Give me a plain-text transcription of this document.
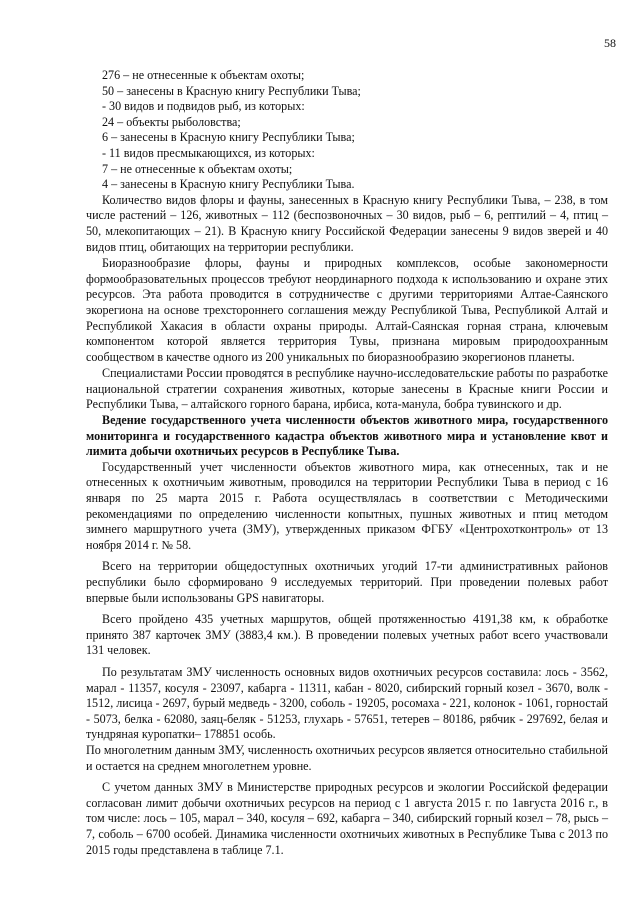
58

276 – не отнесенные к объектам охоты;

50 – занесены в Красную книгу Республики Тыва;

- 30 видов и подвидов рыб, из которых:

24 – объекты рыболовства;

6 – занесены в Красную книгу Республики Тыва;

- 11 видов пресмыкающихся, из которых:

7 – не отнесенные к объектам охоты;

4 – занесены в Красную книгу Республики Тыва.

Количество видов флоры и фауны, занесенных в Красную книгу Республики Тыва, – 238, в том числе растений – 126, животных – 112 (беспозвоночных – 30 видов, рыб – 6, рептилий – 4, птиц – 50, млекопитающих – 21). В Красную книгу Российской Федерации занесены 9 видов зверей и 40 видов птиц, обитающих на территории республики.

Биоразнообразие флоры, фауны и природных комплексов, особые закономерности формообразовательных процессов требуют неординарного подхода к использованию и охране этих ресурсов. Эта работа проводится в сотрудничестве с другими территориями Алтае-Саянского экорегиона на основе трехстороннего соглашения между Республикой Тыва, Республикой Алтай и Республикой Хакасия в области охраны природы. Алтай-Саянская горная страна, ключевым компонентом которой является территория Тувы, признана мировым природоохранным сообществом в качестве одного из 200 уникальных по биоразнообразию экорегионов планеты.

Специалистами России проводятся в республике научно-исследовательские работы по разработке национальной стратегии сохранения животных, которые занесены в Красные книги России и Республики Тыва, – алтайского горного барана, ирбиса, кота-манула, бобра тувинского и др.

Ведение государственного учета численности объектов животного мира, государственного мониторинга и государственного кадастра объектов животного мира и установление квот и лимита добычи охотничьих ресурсов в Республике Тыва.

Государственный учет численности объектов животного мира, как отнесенных, так и не отнесенных к охотничьим животным, проводился на территории Республики Тыва в период с 16 января по 25 марта 2015 г. Работа осуществлялась в соответствии с Методическими рекомендациями по определению численности копытных, пушных животных и птиц методом зимнего маршрутного учета (ЗМУ), утвержденных приказом ФГБУ «Центрохотконтроль» от 13 ноября 2014 г. № 58.

Всего на территории общедоступных охотничьих угодий 17-ти административных районов республики было сформировано 9 исследуемых территорий. При проведении полевых работ впервые были использованы GPS навигаторы.

Всего пройдено 435 учетных маршрутов, общей протяженностью 4191,38 км, к обработке принято 387 карточек ЗМУ (3883,4 км.). В проведении полевых учетных работ всего участвовали 131 человек.

По результатам ЗМУ численность основных видов охотничьих ресурсов составила: лось - 3562, марал - 11357, косуля - 23097, кабарга - 11311, кабан - 8020, сибирский горный козел - 3670, волк - 1512, лисица - 2697, бурый медведь - 3200, соболь - 19205, росомаха - 221, колонок - 1061, горностай - 5073, белка - 62080, заяц-беляк - 51253, глухарь - 57651, тетерев – 80186, рябчик - 297692, белая и тундряная куропатки– 178851 особь.

По многолетним данным ЗМУ, численность охотничьих ресурсов является относительно стабильной и остается на среднем многолетнем уровне.

С учетом данных ЗМУ в Министерстве природных ресурсов и экологии Российской федерации согласован лимит добычи охотничьих ресурсов на период с 1 августа 2015 г. по 1августа 2016 г., в том числе: лось – 105, марал – 340, косуля – 692, кабарга – 340, сибирский горный козел – 78, рысь – 7, соболь – 6700 особей. Динамика численности охотничьих животных в Республике Тыва с 2013 по 2015 годы представлена в таблице 7.1.
